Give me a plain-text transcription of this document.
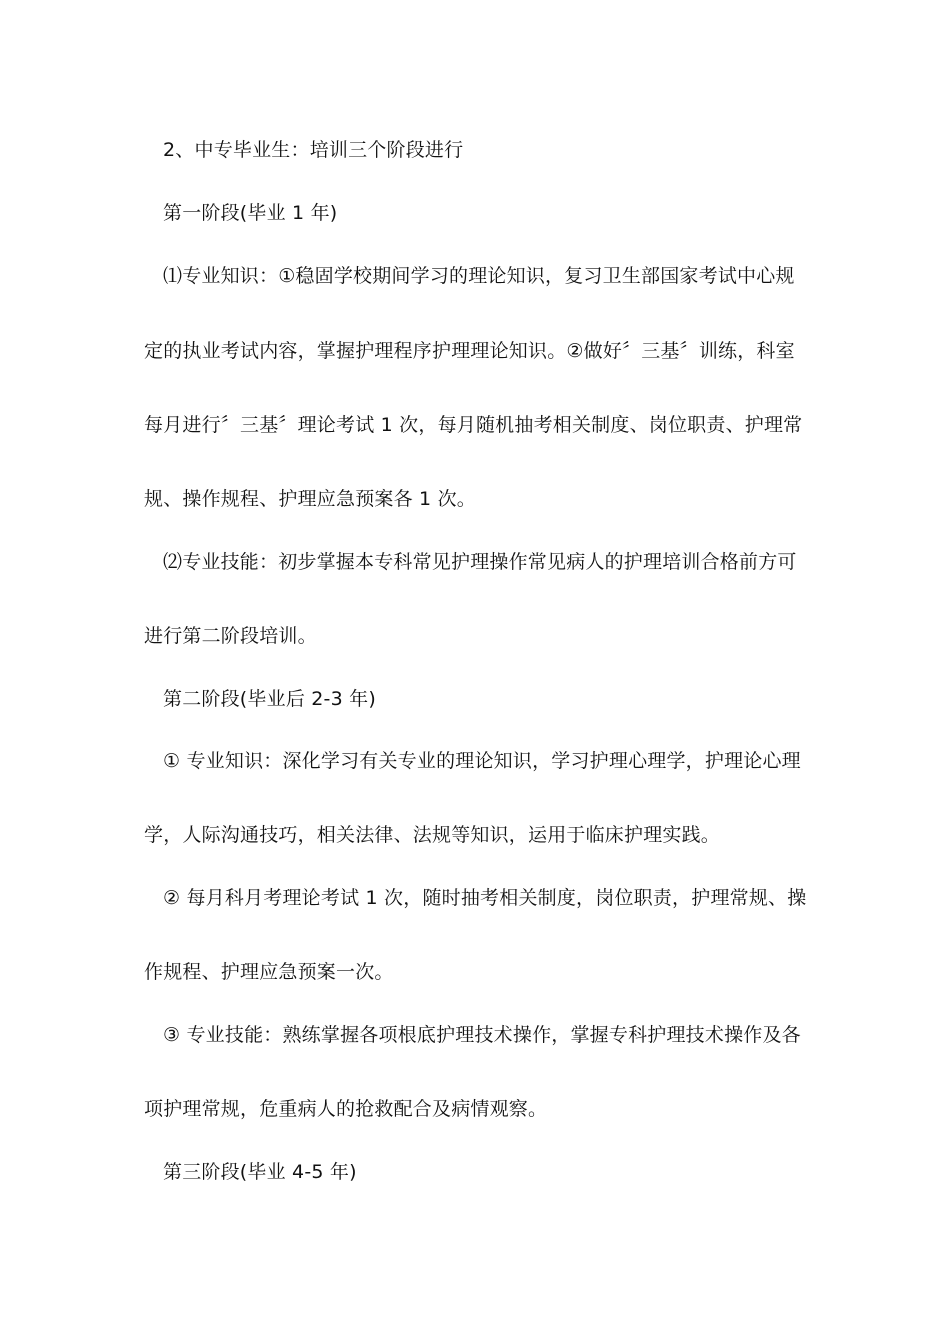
2、中专毕业生：培训三个阶段进行
第一阶段(毕业 1 年)
⑴专业知识：①稳固学校期间学习的理论知识，复习卫生部国家考试中心规
定的执业考试内容，掌握护理程序护理理论知识。②做好〞三基〞训练，科室
每月进行〞三基〞理论考试 1 次，每月随机抽考相关制度、岗位职责、护理常
规、操作规程、护理应急预案各 1 次。
⑵专业技能：初步掌握本专科常见护理操作常见病人的护理培训合格前方可
进行第二阶段培训。
第二阶段(毕业后 2-3 年)
① 专业知识：深化学习有关专业的理论知识，学习护理心理学，护理论心理
学，人际沟通技巧，相关法律、法规等知识，运用于临床护理实践。
② 每月科月考理论考试 1 次，随时抽考相关制度，岗位职责，护理常规、操
作规程、护理应急预案一次。
③ 专业技能：熟练掌握各项根底护理技术操作，掌握专科护理技术操作及各
项护理常规，危重病人的抢救配合及病情观察。
第三阶段(毕业 4-5 年)
